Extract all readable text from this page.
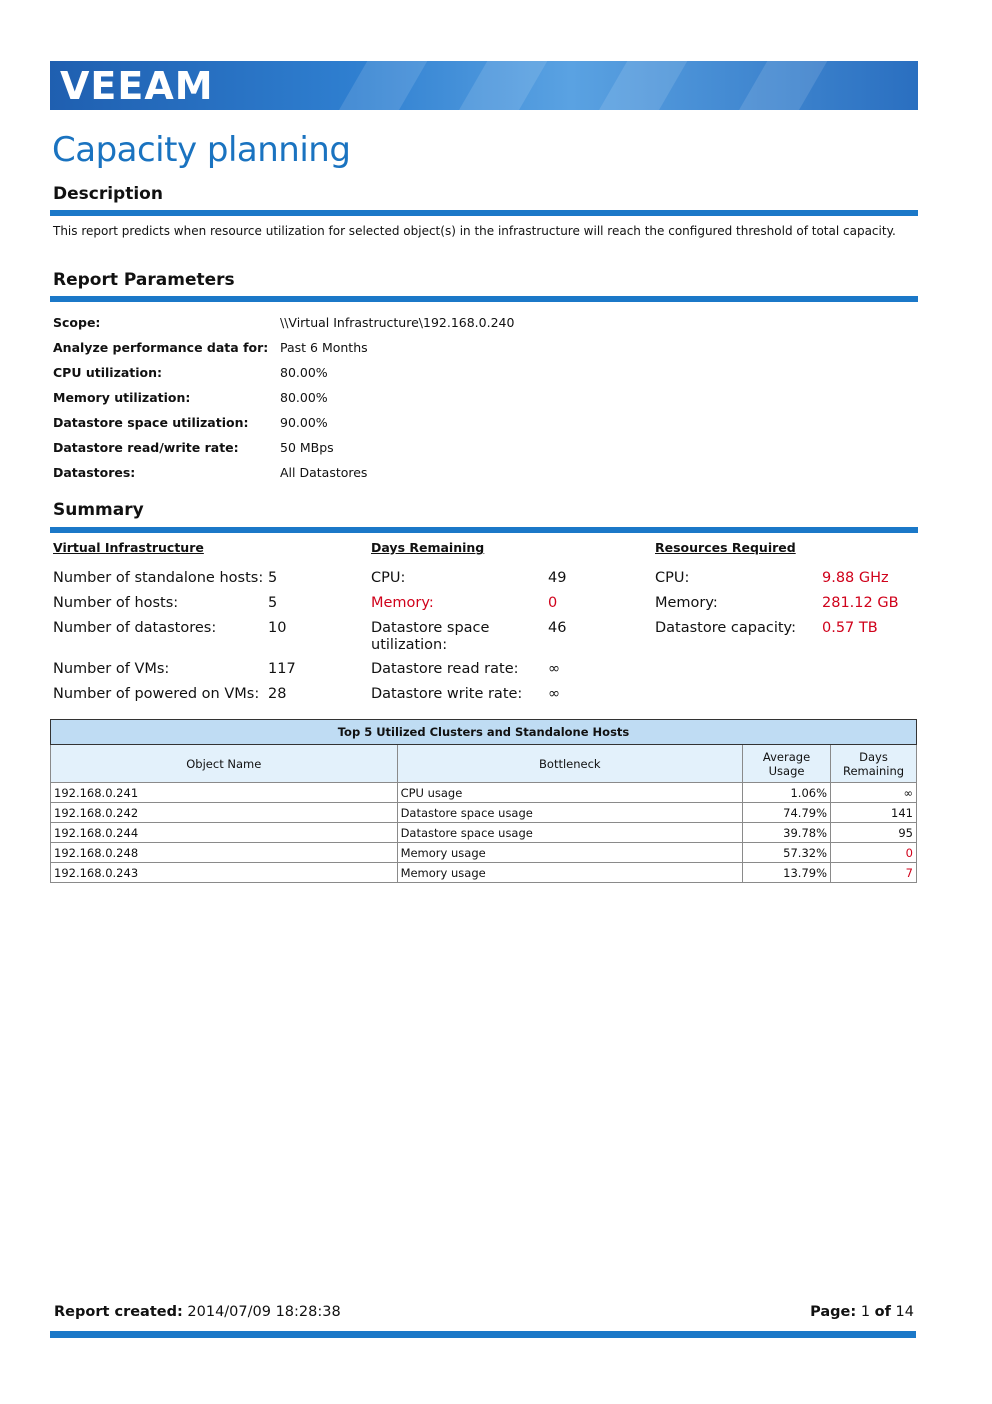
VEEAM
Capacity planning
Description
This report predicts when resource utilization for selected object(s) in the infrastructure will reach the configured threshold of total capacity.
Report Parameters
Scope:	\\Virtual Infrastructure\192.168.0.240
Analyze performance data for: Past 6 Months
CPU utilization:	80.00%
Memory utilization:	80.00%
Datastore space utilization:	90.00%
Datastore read/write rate:	50 MBps
Datastores:	All Datastores
Summary
Virtual Infrastructure	Days Remaining	Resources Required
Number of standalone hosts: 5
Number of hosts:	5
Number of datastores:	10
Number of VMs:	117
Number of powered on VMs: 28
CPU:	49
Memory:	0
Datastore space utilization:
46
Datastore read rate: ∞
Datastore write rate: ∞
CPU:	9.88 GHz
Memory:	281.12 GB
Datastore capacity: 0.57 TB
Top 5 Utilized Clusters and Standalone Hosts			
Object Name	Bottleneck	Average Usage	Days Remaining
192.168.0.241	CPU usage	1.06%	∞
192.168.0.242	Datastore space usage	74.79%	141
192.168.0.244	Datastore space usage	39.78%	95
192.168.0.248	Memory usage	57.32%	0
192.168.0.243	Memory usage	13.79%	7
Report created: 2014/07/09 18:28:38	Page: 1 of 14
